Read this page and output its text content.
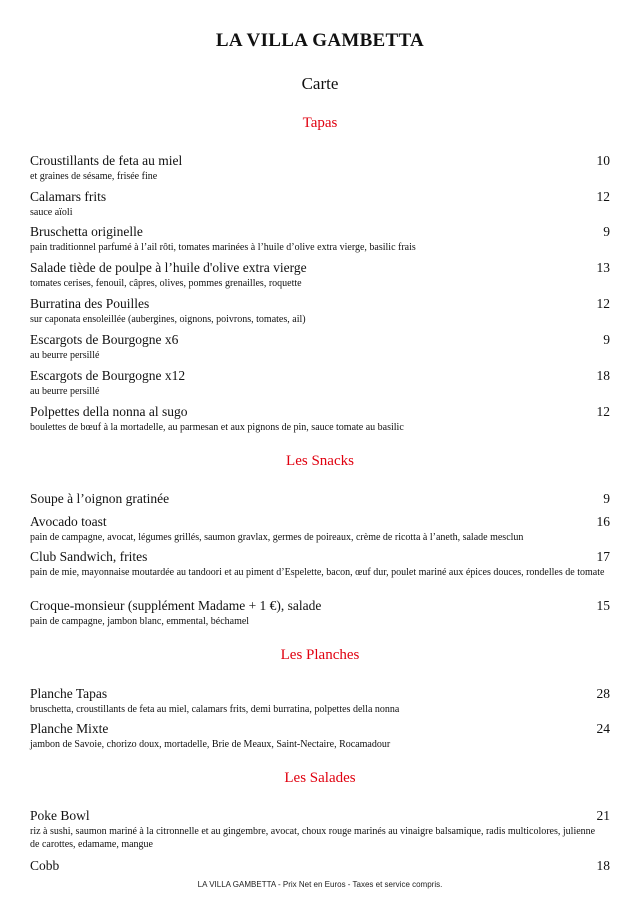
LA VILLA GAMBETTA
Carte
Tapas
Croustillants de feta au miel	10
et graines de sésame, frisée fine
Calamars frits	12
sauce aïoli
Bruschetta originelle	9
pain traditionnel parfumé à l’ail rôti, tomates marinées à l’huile d’olive extra vierge, basilic frais
Salade tiède de poulpe à l’huile d'olive extra vierge	13
tomates cerises, fenouil, câpres, olives, pommes grenailles, roquette
Burratina des Pouilles	12
sur caponata ensoleillée (aubergines, oignons, poivrons, tomates, ail)
Escargots de Bourgogne x6	9
au beurre persillé
Escargots de Bourgogne x12	18
au beurre persillé
Polpettes della nonna al sugo	12
boulettes de bœuf à la mortadelle, au parmesan et aux pignons de pin, sauce tomate au basilic
Les Snacks
Soupe à l’oignon gratinée	9
Avocado toast	16
pain de campagne, avocat, légumes grillés, saumon gravlax, germes de poireaux, crème de ricotta à l’aneth, salade mesclun
Club Sandwich, frites	17
pain de mie, mayonnaise moutardée au tandoori et au piment d’Espelette, bacon, œuf dur, poulet mariné aux épices douces, rondelles de tomate
Croque-monsieur (supplément Madame + 1 €), salade	15
pain de campagne, jambon blanc, emmental, béchamel
Les Planches
Planche Tapas	28
bruschetta, croustillants de feta au miel, calamars frits, demi burratina, polpettes della nonna
Planche Mixte	24
jambon de Savoie, chorizo doux, mortadelle, Brie de Meaux, Saint-Nectaire, Rocamadour
Les Salades
Poke Bowl	21
riz à sushi, saumon mariné à la citronnelle et au gingembre, avocat, choux rouge marinés au vinaigre balsamique, radis multicolores, julienne de carottes, edamame, mangue
Cobb	18
LA VILLA GAMBETTA - Prix Net en Euros - Taxes et service compris.
